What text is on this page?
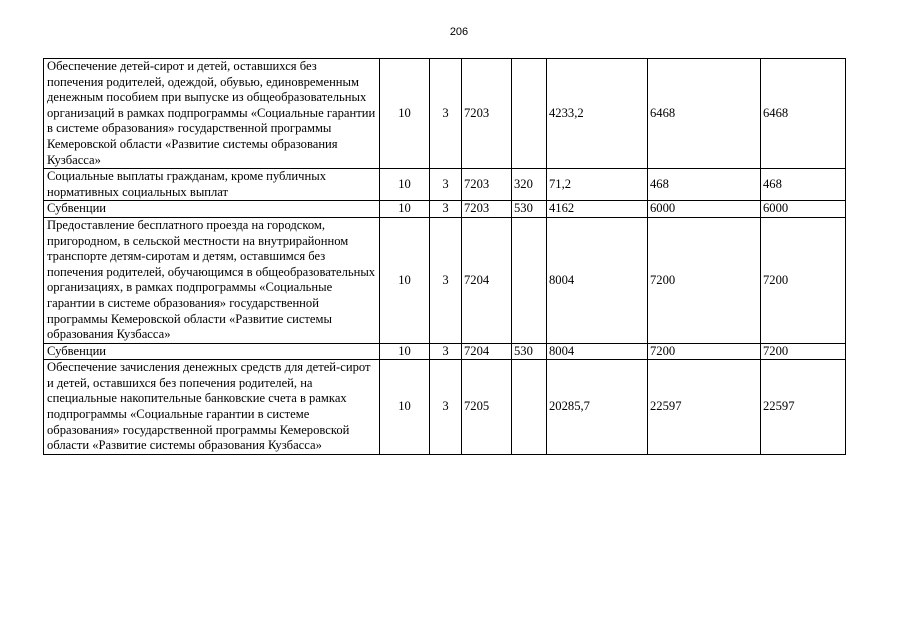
206
Обеспечение детей-сирот и детей, оставшихся без попечения родителей, одеждой, обувью, единовременным денежным пособием при выпуске из общеобразовательных организаций в рамках подпрограммы «Социальные гарантии в системе образования» государственной программы Кемеровской области «Развитие системы образования Кузбасса»	10	3	7203		4233,2	6468	6468
Социальные выплаты гражданам, кроме публичных нормативных социальных выплат	10	3	7203	320	71,2	468	468
Субвенции	10	3	7203	530	4162	6000	6000
Предоставление бесплатного проезда на городском, пригородном, в сельской местности на внутрирайонном транспорте детям-сиротам и детям, оставшимся без попечения родителей, обучающимся в общеобразовательных организациях, в рамках подпрограммы «Социальные гарантии в системе образования» государственной программы Кемеровской области «Развитие системы образования Кузбасса»	10	3	7204		8004	7200	7200
Субвенции	10	3	7204	530	8004	7200	7200
Обеспечение зачисления денежных средств для детей-сирот и детей, оставшихся без попечения родителей, на специальные накопительные банковские счета в рамках подпрограммы «Социальные гарантии в системе образования» государственной программы Кемеровской области «Развитие системы образования Кузбасса»	10	3	7205		20285,7	22597	22597
